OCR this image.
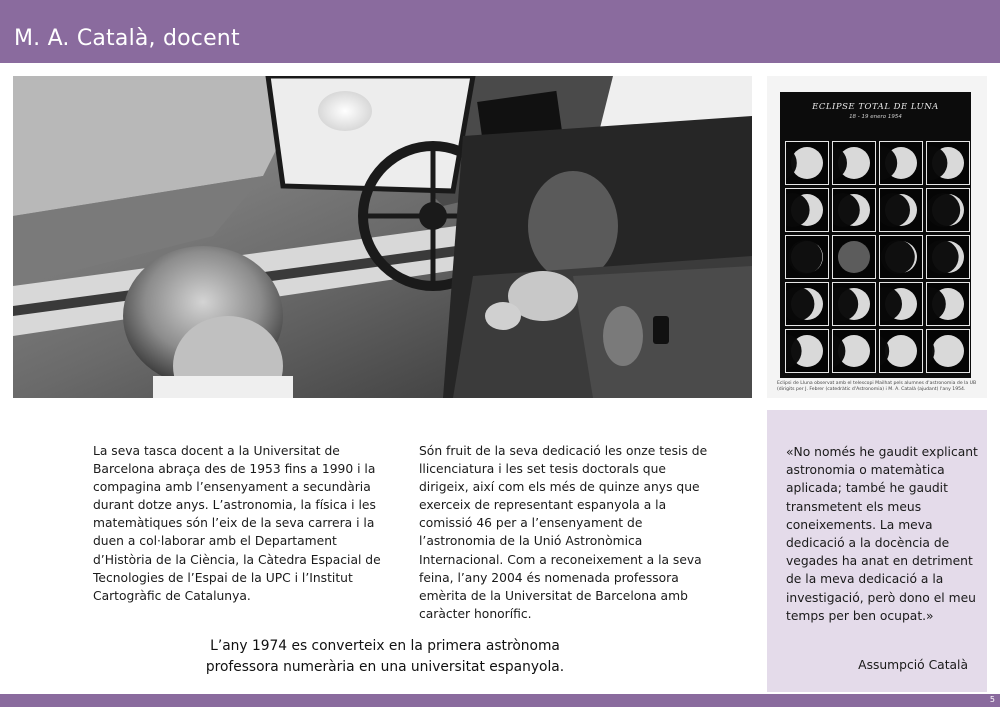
M. A. Català, docent
ECLIPSE TOTAL DE LUNA
18 - 19 enero 1954
Eclipsi de Lluna observat amb el telescopi Mailhat pels alumnes d'astronomia de la UB (dirigits per J. Febrer (catedràtic d'Astronomia) i M. A. Català (ajudant) l'any 1954.

La seva tasca docent a la Universitat de Barcelona abraça des de 1953 fins a 1990 i la compagina amb l’ensenyament a secundària durant dotze anys. L’astronomia, la física i les matemàtiques són l’eix de la seva carrera i la duen a col·laborar amb el Departament d’Història de la Ciència, la Càtedra Espacial de Tecnologies de l’Espai de la UPC i l’Institut Cartogràfic de Catalunya.

Són fruit de la seva dedicació les onze tesis de llicenciatura i les set tesis doctorals que dirigeix, així com els més de quinze anys que exerceix de representant espanyola a la comissió 46 per a l’ensenyament de l’astronomia de la Unió Astronòmica Internacional. Com a reconeixement a la seva feina, l’any 2004 és nomenada professora emèrita de la Universitat de Barcelona amb caràcter honorífic.

L’any 1974 es converteix en la primera astrònoma
professora numerària en una universitat espanyola.

«No només he gaudit explicant astronomia o matemàtica aplicada; també he gaudit transmetent els meus coneixements. La meva dedicació a la docència de vegades ha anat en detriment de la meva dedicació a la investigació, però dono el meu temps per ben ocupat.»

Assumpció Català
5
